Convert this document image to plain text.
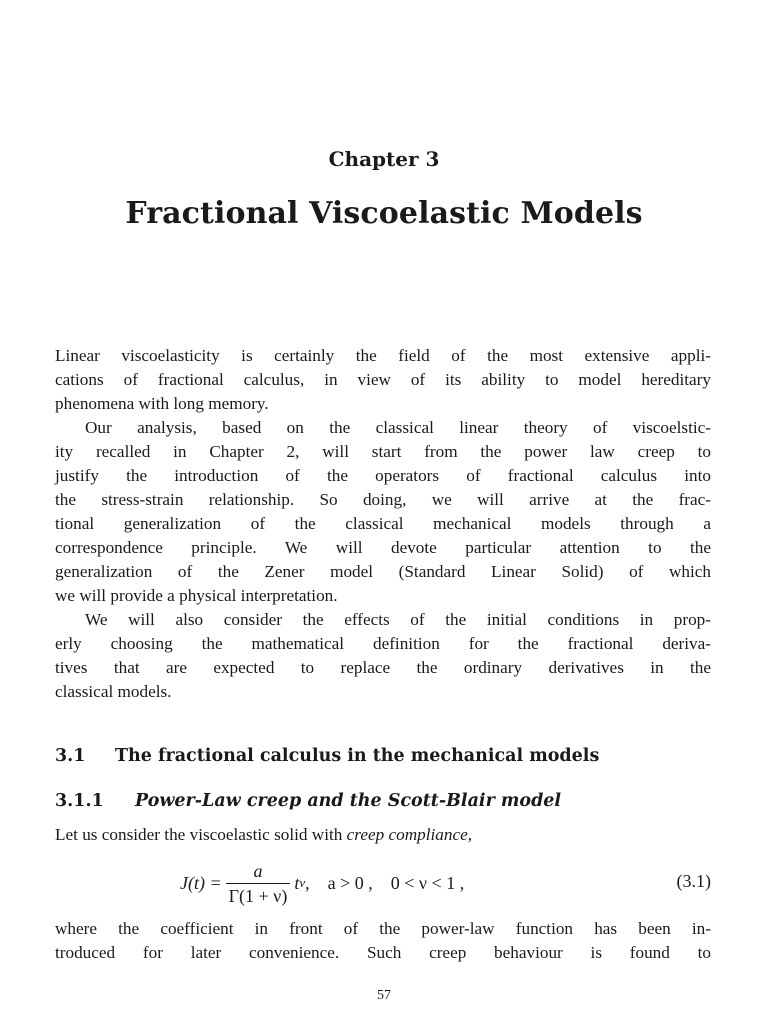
Chapter 3
Fractional Viscoelastic Models

Linear viscoelasticity is certainly the field of the most extensive appli-
cations of fractional calculus, in view of its ability to model hereditary
phenomena with long memory.

Our analysis, based on the classical linear theory of viscoelstic-
ity recalled in Chapter 2, will start from the power law creep to
justify the introduction of the operators of fractional calculus into
the stress-strain relationship. So doing, we will arrive at the frac-
tional generalization of the classical mechanical models through a
correspondence principle. We will devote particular attention to the
generalization of the Zener model (Standard Linear Solid) of which
we will provide a physical interpretation.

We will also consider the effects of the initial conditions in prop-
erly choosing the mathematical definition for the fractional deriva-
tives that are expected to replace the ordinary derivatives in the
classical models.

3.1 The fractional calculus in the mechanical models
3.1.1 Power-Law creep and the Scott-Blair model
Let us consider the viscoelastic solid with creep compliance,
$J(t) = \frac{a}{\Gamma(1 + \nu)}$ t ν ,    a > 0 ,    0 < ν < 1 ,	(3.1)
where the coefficient in front of the power-law function has been in-
troduced for later convenience. Such creep behaviour is found to
57
